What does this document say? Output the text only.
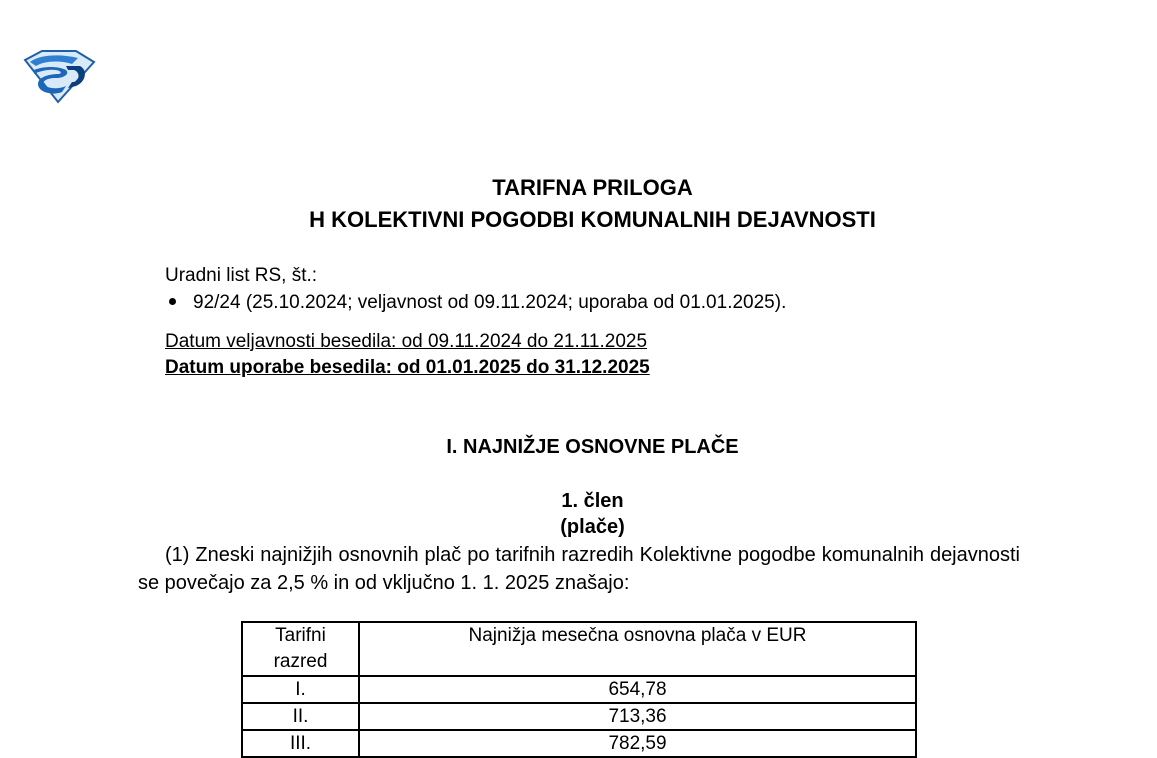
TARIFNA PRILOGA
H KOLEKTIVNI POGODBI KOMUNALNIH DEJAVNOSTI
Uradni list RS, št.:
92/24 (25.10.2024; veljavnost od 09.11.2024; uporaba od 01.01.2025).
Datum veljavnosti besedila: od 09.11.2024 do 21.11.2025
Datum uporabe besedila: od 01.01.2025 do 31.12.2025
I. NAJNIŽJE OSNOVNE PLAČE
1. člen
(plače)
(1) Zneski najnižjih osnovnih plač po tarifnih razredih Kolektivne pogodbe komunalnih dejavnosti se povečajo za 2,5 % in od vključno 1. 1. 2025 znašajo:
Tarifni
razred	Najnižja mesečna osnovna plača v EUR
I.	654,78
II.	713,36
III.	782,59
